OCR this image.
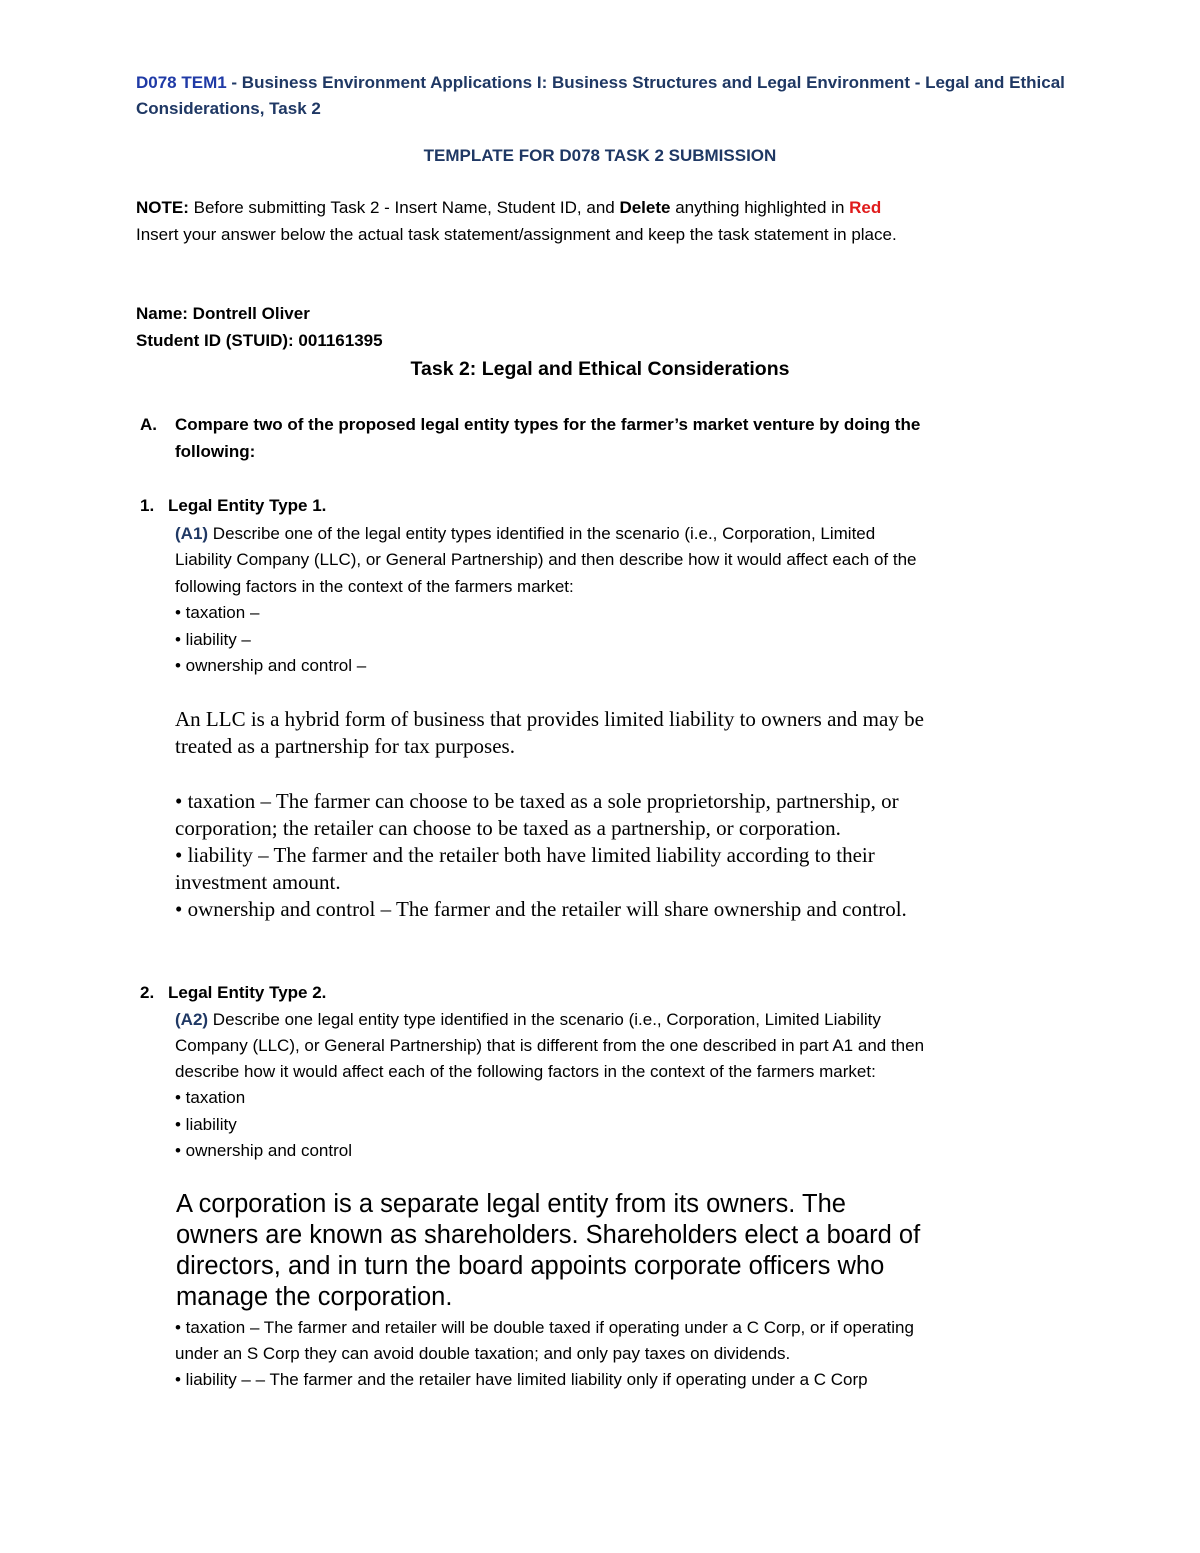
D078 TEM1 - Business Environment Applications I: Business Structures and Legal Environment - Legal and Ethical
Considerations, Task 2
TEMPLATE FOR D078 TASK 2 SUBMISSION
NOTE: Before submitting Task 2 - Insert Name, Student ID, and Delete anything highlighted in Red
Insert your answer below the actual task statement/assignment and keep the task statement in place.
Name: Dontrell Oliver
Student ID (STUID): 001161395
Task 2: Legal and Ethical Considerations
A. Compare two of the proposed legal entity types for the farmer’s market venture by doing the
following:
1. Legal Entity Type 1.
(A1) Describe one of the legal entity types identified in the scenario (i.e., Corporation, Limited
Liability Company (LLC), or General Partnership) and then describe how it would affect each of the
following factors in the context of the farmers market:
• taxation –
• liability –
• ownership and control –
An LLC is a hybrid form of business that provides limited liability to owners and may be
treated as a partnership for tax purposes.
• taxation – The farmer can choose to be taxed as a sole proprietorship, partnership, or
corporation; the retailer can choose to be taxed as a partnership, or corporation.
• liability – The farmer and the retailer both have limited liability according to their
investment amount.
• ownership and control – The farmer and the retailer will share ownership and control.
2. Legal Entity Type 2.
(A2) Describe one legal entity type identified in the scenario (i.e., Corporation, Limited Liability
Company (LLC), or General Partnership) that is different from the one described in part A1 and then
describe how it would affect each of the following factors in the context of the farmers market:
• taxation
• liability
• ownership and control
A corporation is a separate legal entity from its owners. The
owners are known as shareholders. Shareholders elect a board of
directors, and in turn the board appoints corporate officers who
manage the corporation.
• taxation – The farmer and retailer will be double taxed if operating under a C Corp, or if operating
under an S Corp they can avoid double taxation; and only pay taxes on dividends.
• liability – – The farmer and the retailer have limited liability only if operating under a C Corp
